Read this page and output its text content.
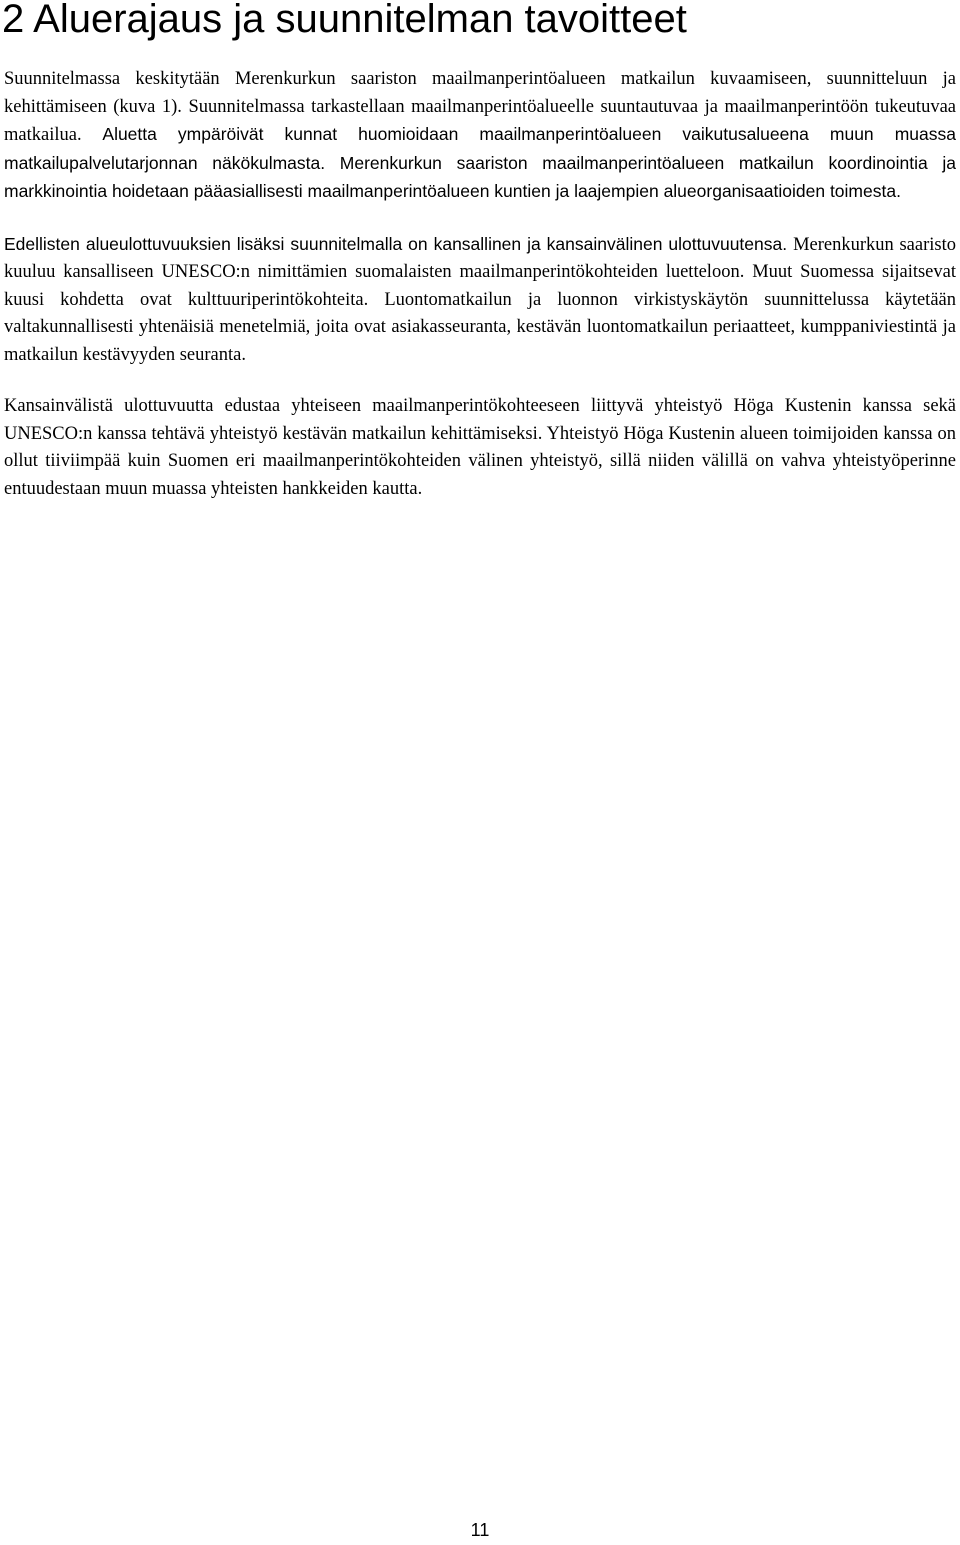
2 Aluerajaus ja suunnitelman tavoitteet

Suunnitelmassa keskitytään Merenkurkun saariston maailmanperintöalueen matkailun kuvaamiseen, suunnitteluun ja kehittämiseen (kuva 1). Suunnitelmassa tarkastellaan maailmanperintöalueelle suuntautuvaa ja maailmanperintöön tukeutuvaa matkailua. Aluetta ympäröivät kunnat huomioidaan maailmanperintöalueen vaikutusalueena muun muassa matkailupalvelutarjonnan näkökulmasta. Merenkurkun saariston maailmanperintöalueen matkailun koordinointia ja markkinointia hoidetaan pääasiallisesti maailmanperintöalueen kuntien ja laajempien alueorganisaatioiden toimesta.

Edellisten alueulottuvuuksien lisäksi suunnitelmalla on kansallinen ja kansainvälinen ulottuvuutensa. Merenkurkun saaristo kuuluu kansalliseen UNESCO:n nimittämien suomalaisten maailmanperintökohteiden luetteloon. Muut Suomessa sijaitsevat kuusi kohdetta ovat kulttuuriperintökohteita. Luontomatkailun ja luonnon virkistyskäytön suunnittelussa käytetään valtakunnallisesti yhtenäisiä menetelmiä, joita ovat asiakasseuranta, kestävän luontomatkailun periaatteet, kumppaniviestintä ja matkailun kestävyyden seuranta.

Kansainvälistä ulottuvuutta edustaa yhteiseen maailmanperintökohteeseen liittyvä yhteistyö Höga Kustenin kanssa sekä UNESCO:n kanssa tehtävä yhteistyö kestävän matkailun kehittämiseksi. Yhteistyö Höga Kustenin alueen toimijoiden kanssa on ollut tiiviimpää kuin Suomen eri maailmanperintökohteiden välinen yhteistyö, sillä niiden välillä on vahva yhteistyöperinne entuudestaan muun muassa yhteisten hankkeiden kautta.

11
